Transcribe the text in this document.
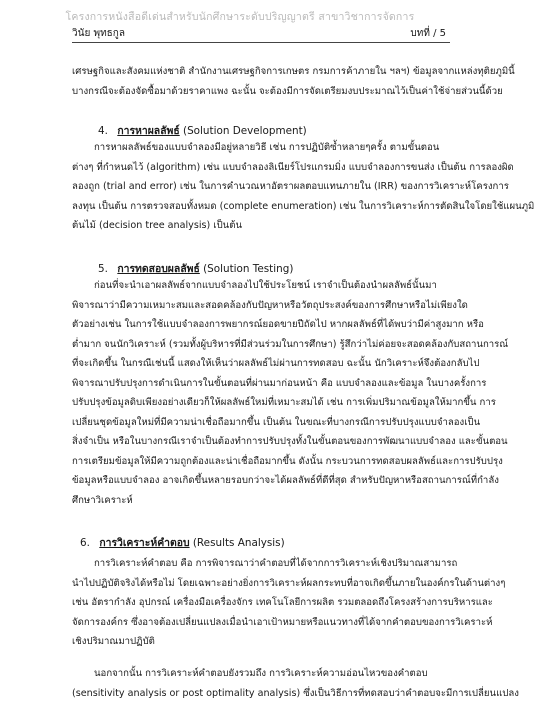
โครงการหนังสือดีเด่นสำหรับนักศึกษาระดับปริญญาตรี สาขาวิชาการจัดการ
วินัย พุทธกูล	บทที่ / 5
เศรษฐกิจและสังคมแห่งชาติ สำนักงานเศรษฐกิจการเกษตร กรมการค้าภายใน ฯลฯ) ข้อมูลจากแหล่งทุติยภูมินี้
บางกรณีจะต้องจัดซื้อมาด้วยราคาแพง ฉะนั้น จะต้องมีการจัดเตรียมงบประมาณไว้เป็นค่าใช้จ่ายส่วนนี้ด้วย
4. การหาผลลัพธ์ (Solution Development)
การหาผลลัพธ์ของแบบจำลองมีอยู่หลายวิธี เช่น การปฏิบัติซ้ำหลายๆครั้ง ตามขั้นตอน
ต่างๆ ที่กำหนดไว้ (algorithm) เช่น แบบจำลองลิเนียร์โปรแกรมมิ่ง แบบจำลองการขนส่ง เป็นต้น การลองผิด
ลองถูก (trial and error) เช่น ในการคำนวณหาอัตราผลตอบแทนภายใน (IRR) ของการวิเคราะห์โครงการ
ลงทุน เป็นต้น การตรวจสอบทั้งหมด (complete enumeration) เช่น ในการวิเคราะห์การตัดสินใจโดยใช้แผนภูมิ
ต้นไม้ (decision tree analysis) เป็นต้น
5. การทดสอบผลลัพธ์ (Solution Testing)
ก่อนที่จะนำเอาผลลัพธ์จากแบบจำลองไปใช้ประโยชน์ เราจำเป็นต้องนำผลลัพธ์นั้นมา
พิจารณาว่ามีความเหมาะสมและสอดคล้องกับปัญหาหรือวัตถุประสงค์ของการศึกษาหรือไม่เพียงใด
ตัวอย่างเช่น ในการใช้แบบจำลองการพยากรณ์ยอดขายปีถัดไป หากผลลัพธ์ที่ได้พบว่ามีค่าสูงมาก หรือ
ต่ำมาก จนนักวิเคราะห์ (รวมทั้งผู้บริหารที่มีส่วนร่วมในการศึกษา) รู้สึกว่าไม่ค่อยจะสอดคล้องกับสถานการณ์
ที่จะเกิดขึ้น ในกรณีเช่นนี้ แสดงให้เห็นว่าผลลัพธ์ไม่ผ่านการทดสอบ ฉะนั้น นักวิเคราะห์จึงต้องกลับไป
พิจารณาปรับปรุงการดำเนินการในขั้นตอนที่ผ่านมาก่อนหน้า คือ แบบจำลองและข้อมูล ในบางครั้งการ
ปรับปรุงข้อมูลดิบเพียงอย่างเดียวก็ให้ผลลัพธ์ใหม่ที่เหมาะสมได้ เช่น การเพิ่มปริมาณข้อมูลให้มากขึ้น การ
เปลี่ยนชุดข้อมูลใหม่ที่มีความน่าเชื่อถือมากขึ้น เป็นต้น ในขณะที่บางกรณีการปรับปรุงแบบจำลองเป็น
สิ่งจำเป็น หรือในบางกรณีเราจำเป็นต้องทำการปรับปรุงทั้งในขั้นตอนของการพัฒนาแบบจำลอง และขั้นตอน
การเตรียมข้อมูลให้มีความถูกต้องและน่าเชื่อถือมากขึ้น ดังนั้น กระบวนการทดสอบผลลัพธ์และการปรับปรุง
ข้อมูลหรือแบบจำลอง อาจเกิดขึ้นหลายรอบกว่าจะได้ผลลัพธ์ที่ดีที่สุด สำหรับปัญหาหรือสถานการณ์ที่กำลัง
ศึกษาวิเคราะห์
6. การวิเคราะห์คำตอบ (Results Analysis)
การวิเคราะห์คำตอบ คือ การพิจารณาว่าคำตอบที่ได้จากการวิเคราะห์เชิงปริมาณสามารถ
นำไปปฏิบัติจริงได้หรือไม่ โดยเฉพาะอย่างยิ่งการวิเคราะห์ผลกระทบที่อาจเกิดขึ้นภายในองค์กรในด้านต่างๆ
เช่น อัตรากำลัง อุปกรณ์ เครื่องมือเครื่องจักร เทคโนโลยีการผลิต รวมตลอดถึงโครงสร้างการบริหารและ
จัดการองค์กร ซึ่งอาจต้องเปลี่ยนแปลงเมื่อนำเอาเป้าหมายหรือแนวทางที่ได้จากคำตอบของการวิเคราะห์
เชิงปริมาณมาปฏิบัติ
นอกจากนั้น การวิเคราะห์คำตอบยังรวมถึง การวิเคราะห์ความอ่อนไหวของคำตอบ
(sensitivity analysis or post optimality analysis) ซึ่งเป็นวิธีการที่ทดสอบว่าคำตอบจะมีการเปลี่ยนแปลง
